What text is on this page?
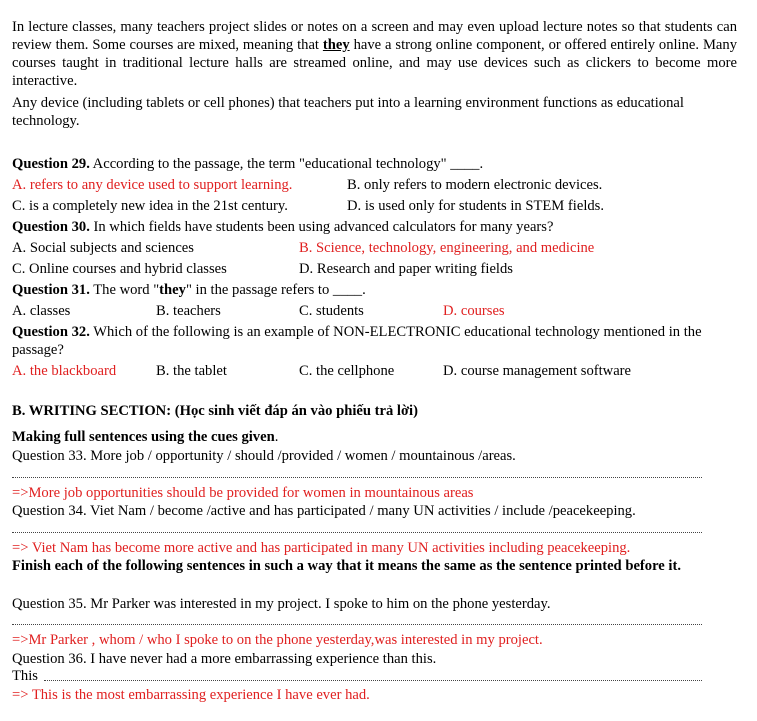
In lecture classes, many teachers project slides or notes on a screen and may even upload lecture notes so that students can review them. Some courses are mixed, meaning that they have a strong online component, or offered entirely online. Many courses taught in traditional lecture halls are streamed online, and may use devices such as clickers to become more interactive.

Any device (including tablets or cell phones) that teachers put into a learning environment functions as educational technology.

Question 29. According to the passage, the term "educational technology" ____.
A. refers to any device used to support learning.	B. only refers to modern electronic devices.
C. is a completely new idea in the 21st century.	D. is used only for students in STEM fields.
Question 30. In which fields have students been using advanced calculators for many years?
A. Social subjects and sciences	B. Science, technology, engineering, and medicine
C. Online courses and hybrid classes	D. Research and paper writing fields
Question 31. The word "they" in the passage refers to ____.
A. classes	B. teachers	C. students	D. courses

Question 32. Which of the following is an example of NON-ELECTRONIC educational technology mentioned in the passage?

A. the blackboard	B. the tablet	C. the cellphone	D. course management software
B. WRITING SECTION: (Học sinh viết đáp án vào phiếu trả lời)
Making full sentences using the cues given.
Question 33. More job / opportunity / should /provided / women / mountainous /areas.
=>More job opportunities should be provided for women in mountainous areas
Question 34. Viet Nam / become /active and has participated / many UN activities / include /peacekeeping.
=> Viet Nam has become more active and has participated in many UN activities including peacekeeping.

Finish each of the following sentences in such a way that it means the same as the sentence printed before it.

Question 35. Mr Parker was interested in my project. I spoke to him on the phone yesterday.
=>Mr Parker , whom / who I spoke to on the phone yesterday,was interested in my project.
Question 36. I have never had a more embarrassing experience than this.
This
=> This is the most embarrassing experience I have ever had.
